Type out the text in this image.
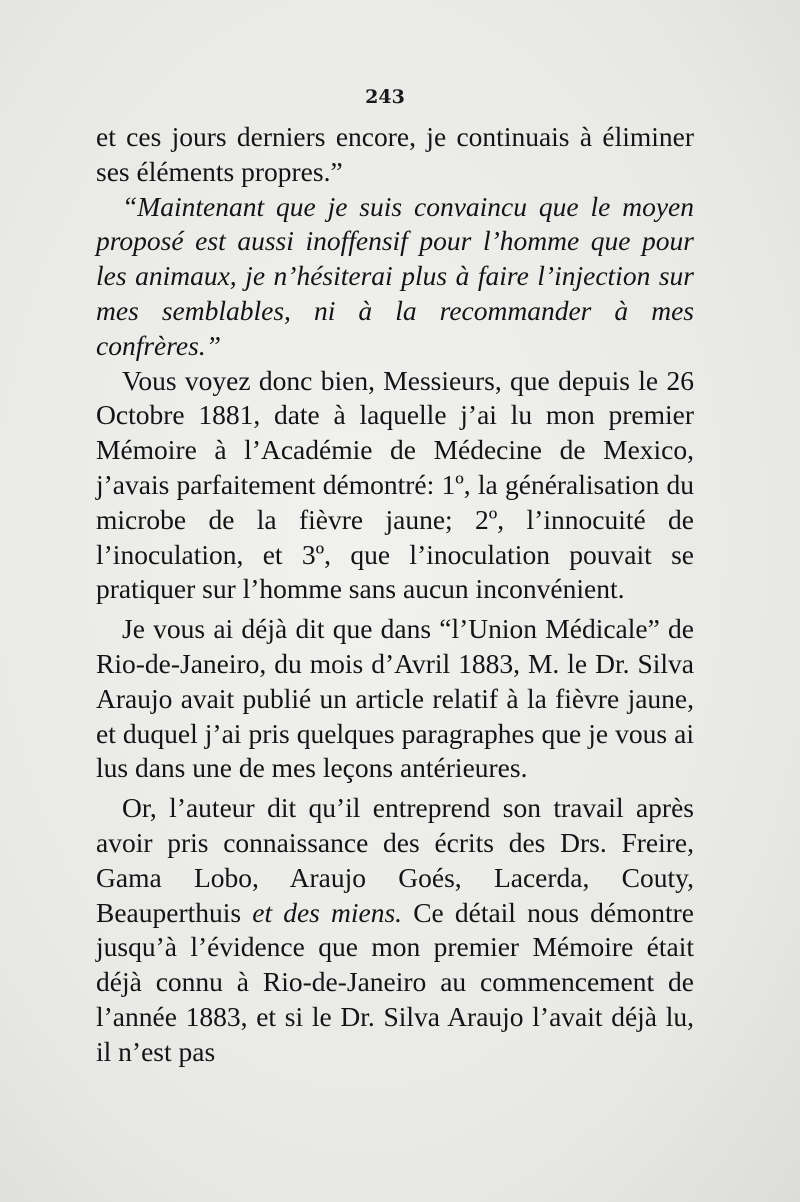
243

et ces jours derniers encore, je continuais à éliminer ses éléments propres.”

“Maintenant que je suis convaincu que le moyen proposé est aussi inoffensif pour l’homme que pour les animaux, je n’hésiterai plus à faire l’injection sur mes semblables, ni à la recommander à mes confrères.”

Vous voyez donc bien, Messieurs, que depuis le 26 Octobre 1881, date à laquelle j’ai lu mon premier Mémoire à l’Académie de Médecine de Mexico, j’avais parfaitement démontré: 1º, la généralisation du microbe de la fièvre jaune; 2º, l’innocuité de l’inoculation, et 3º, que l’inoculation pouvait se pratiquer sur l’homme sans aucun inconvénient.

Je vous ai déjà dit que dans “l’Union Médicale” de Rio-de-Janeiro, du mois d’Avril 1883, M. le Dr. Silva Araujo avait publié un article relatif à la fièvre jaune, et duquel j’ai pris quelques paragraphes que je vous ai lus dans une de mes leçons antérieures.

Or, l’auteur dit qu’il entreprend son travail après avoir pris connaissance des écrits des Drs. Freire, Gama Lobo, Araujo Goés, Lacerda, Couty, Beauperthuis et des miens. Ce détail nous démontre jusqu’à l’évidence que mon premier Mémoire était déjà connu à Rio-de-Janeiro au commencement de l’année 1883, et si le Dr. Silva Araujo l’avait déjà lu, il n’est pas
